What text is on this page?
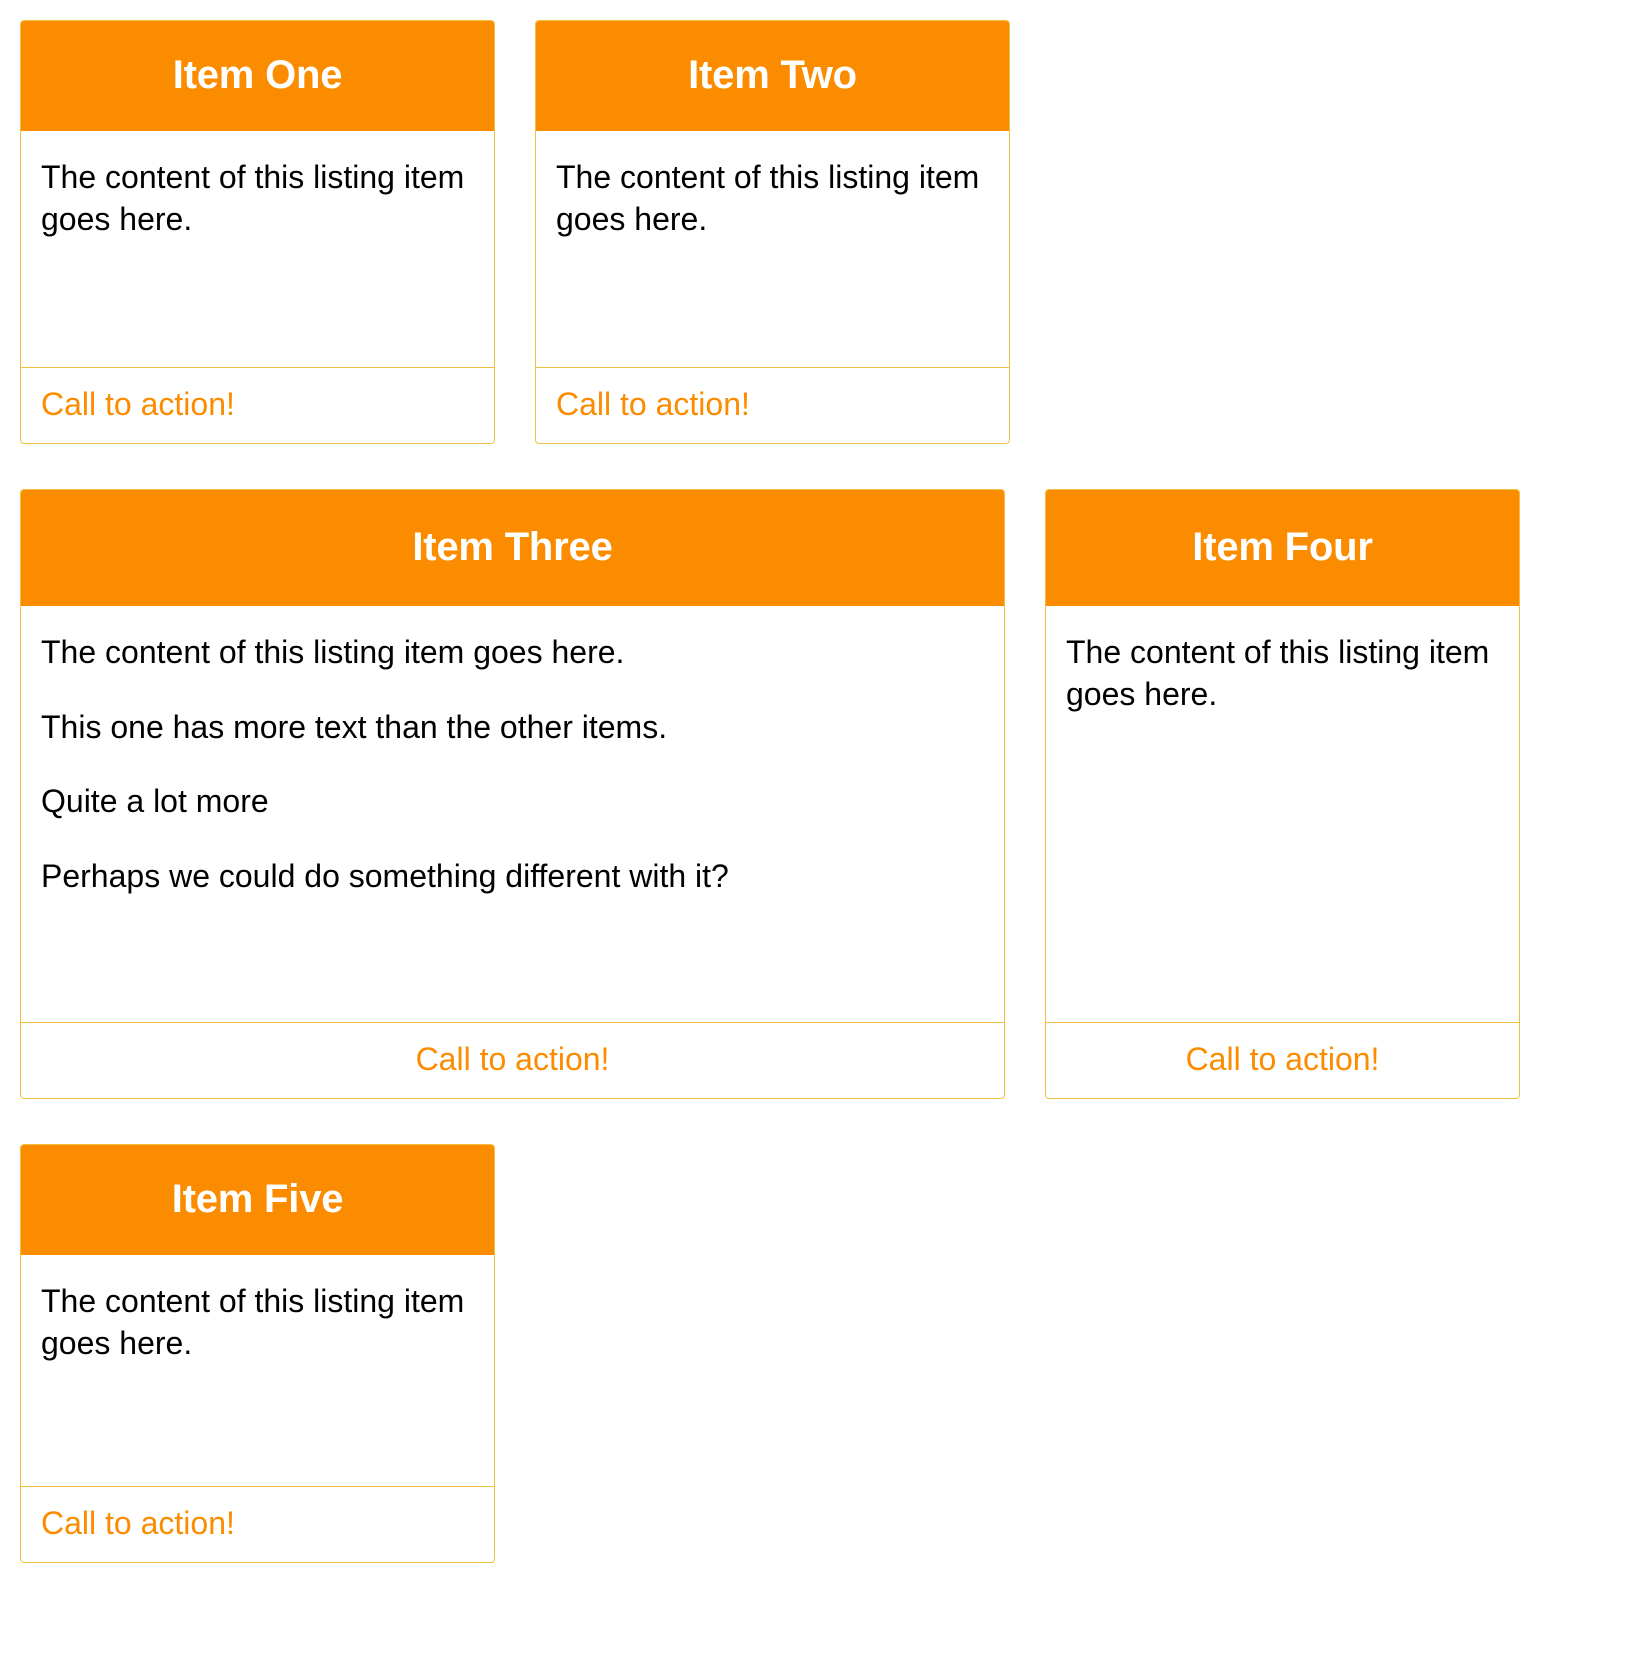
Item One

The content of this listing item goes here.

Call to action!
Item Two

The content of this listing item goes here.

Call to action!
Item Three

The content of this listing item goes here.

This one has more text than the other items.

Quite a lot more

Perhaps we could do something different with it?

Call to action!
Item Four

The content of this listing item goes here.

Call to action!
Item Five

The content of this listing item goes here.

Call to action!
